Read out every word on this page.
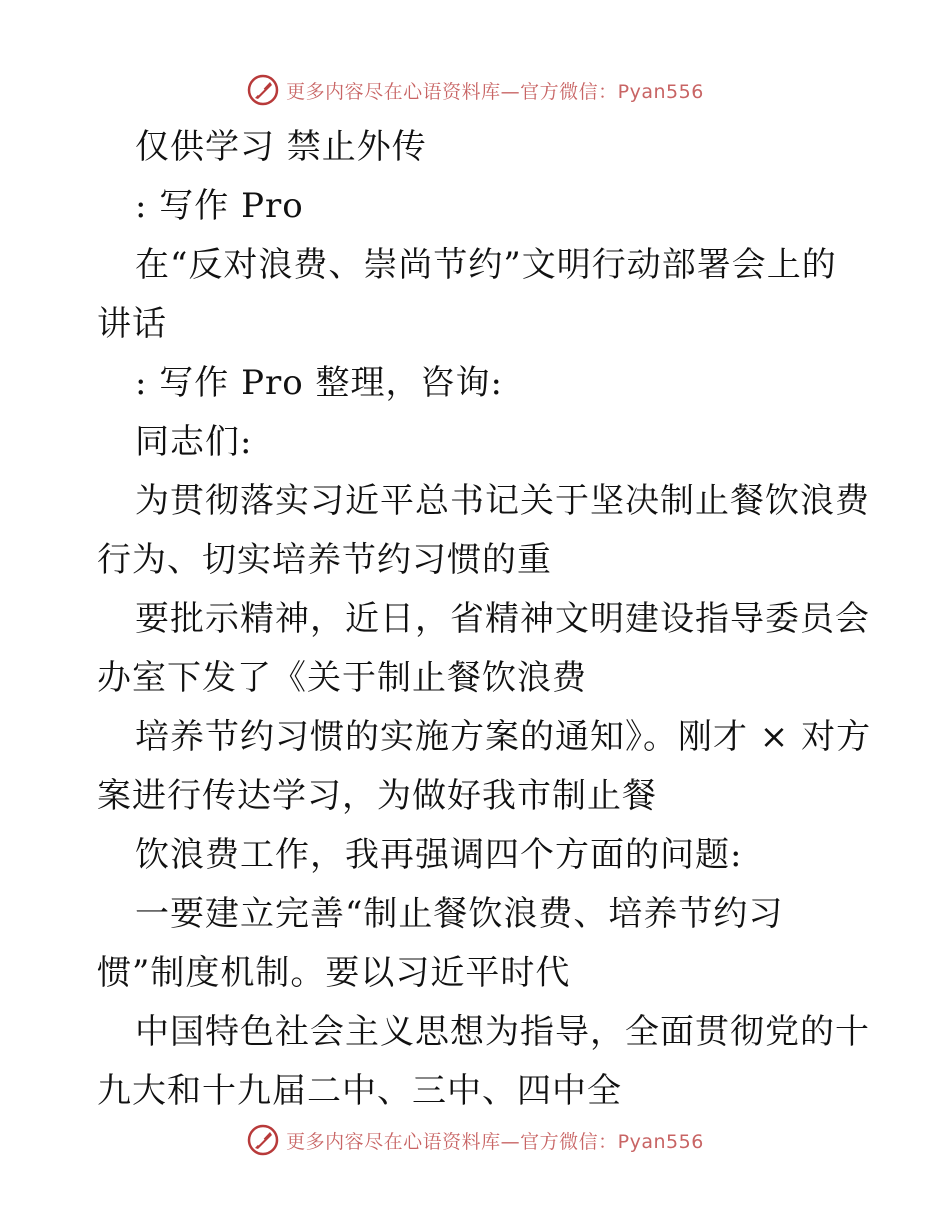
更多内容尽在心语资料库—官方微信：Pyan556
仅供学习 禁止外传
: 写作 Pro
在“反对浪费、崇尚节约”文明行动部署会上的
讲话
: 写作 Pro 整理，咨询:
同志们:
为贯彻落实习近平总书记关于坚决制止餐饮浪费
行为、切实培养节约习惯的重
要批示精神，近日，省精神文明建设指导委员会
办室下发了《关于制止餐饮浪费
培养节约习惯的实施方案的通知》。刚才 × 对方
案进行传达学习，为做好我市制止餐
饮浪费工作，我再强调四个方面的问题:
一要建立完善“制止餐饮浪费、培养节约习
惯”制度机制。要以习近平时代
中国特色社会主义思想为指导，全面贯彻党的十
九大和十九届二中、三中、四中全
更多内容尽在心语资料库—官方微信：Pyan556
